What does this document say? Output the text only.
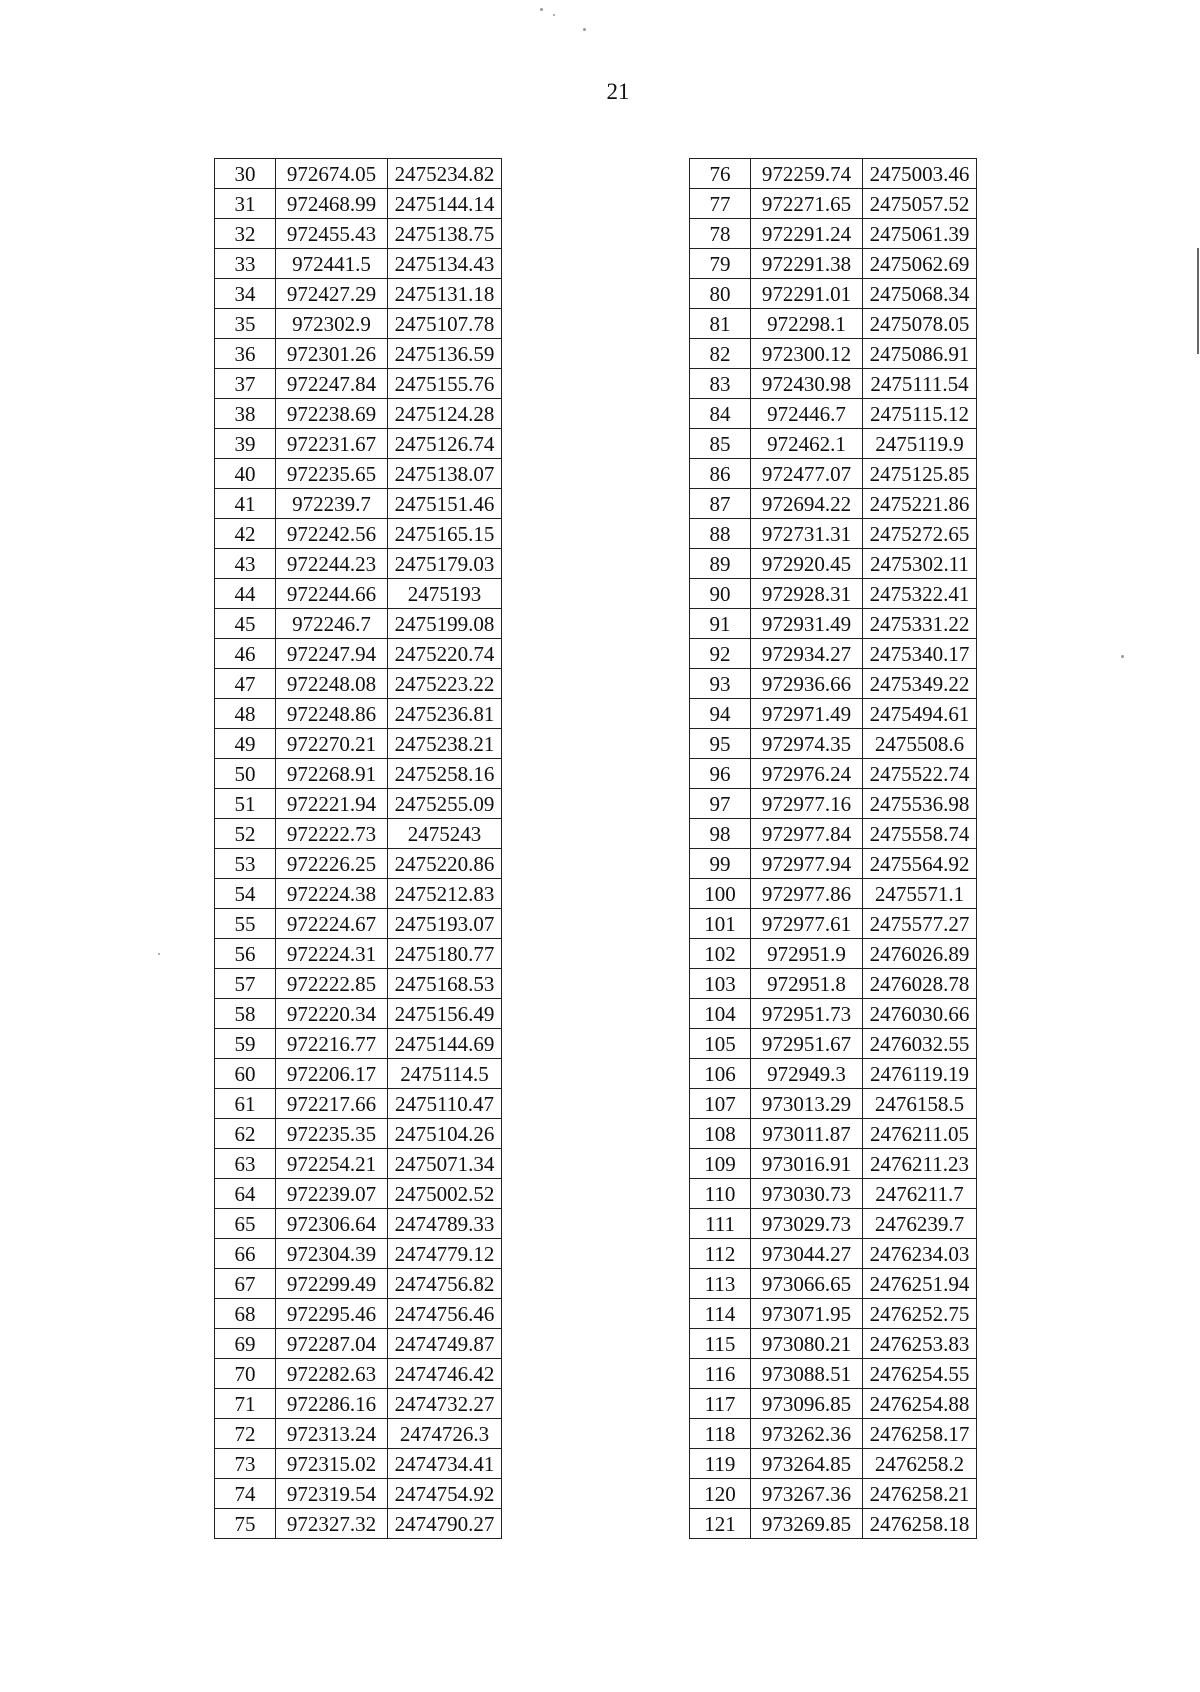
21
30	972674.05	2475234.82
31	972468.99	2475144.14
32	972455.43	2475138.75
33	972441.5	2475134.43
34	972427.29	2475131.18
35	972302.9	2475107.78
36	972301.26	2475136.59
37	972247.84	2475155.76
38	972238.69	2475124.28
39	972231.67	2475126.74
40	972235.65	2475138.07
41	972239.7	2475151.46
42	972242.56	2475165.15
43	972244.23	2475179.03
44	972244.66	2475193
45	972246.7	2475199.08
46	972247.94	2475220.74
47	972248.08	2475223.22
48	972248.86	2475236.81
49	972270.21	2475238.21
50	972268.91	2475258.16
51	972221.94	2475255.09
52	972222.73	2475243
53	972226.25	2475220.86
54	972224.38	2475212.83
55	972224.67	2475193.07
56	972224.31	2475180.77
57	972222.85	2475168.53
58	972220.34	2475156.49
59	972216.77	2475144.69
60	972206.17	2475114.5
61	972217.66	2475110.47
62	972235.35	2475104.26
63	972254.21	2475071.34
64	972239.07	2475002.52
65	972306.64	2474789.33
66	972304.39	2474779.12
67	972299.49	2474756.82
68	972295.46	2474756.46
69	972287.04	2474749.87
70	972282.63	2474746.42
71	972286.16	2474732.27
72	972313.24	2474726.3
73	972315.02	2474734.41
74	972319.54	2474754.92
75	972327.32	2474790.27
76	972259.74	2475003.46
77	972271.65	2475057.52
78	972291.24	2475061.39
79	972291.38	2475062.69
80	972291.01	2475068.34
81	972298.1	2475078.05
82	972300.12	2475086.91
83	972430.98	2475111.54
84	972446.7	2475115.12
85	972462.1	2475119.9
86	972477.07	2475125.85
87	972694.22	2475221.86
88	972731.31	2475272.65
89	972920.45	2475302.11
90	972928.31	2475322.41
91	972931.49	2475331.22
92	972934.27	2475340.17
93	972936.66	2475349.22
94	972971.49	2475494.61
95	972974.35	2475508.6
96	972976.24	2475522.74
97	972977.16	2475536.98
98	972977.84	2475558.74
99	972977.94	2475564.92
100	972977.86	2475571.1
101	972977.61	2475577.27
102	972951.9	2476026.89
103	972951.8	2476028.78
104	972951.73	2476030.66
105	972951.67	2476032.55
106	972949.3	2476119.19
107	973013.29	2476158.5
108	973011.87	2476211.05
109	973016.91	2476211.23
110	973030.73	2476211.7
111	973029.73	2476239.7
112	973044.27	2476234.03
113	973066.65	2476251.94
114	973071.95	2476252.75
115	973080.21	2476253.83
116	973088.51	2476254.55
117	973096.85	2476254.88
118	973262.36	2476258.17
119	973264.85	2476258.2
120	973267.36	2476258.21
121	973269.85	2476258.18
